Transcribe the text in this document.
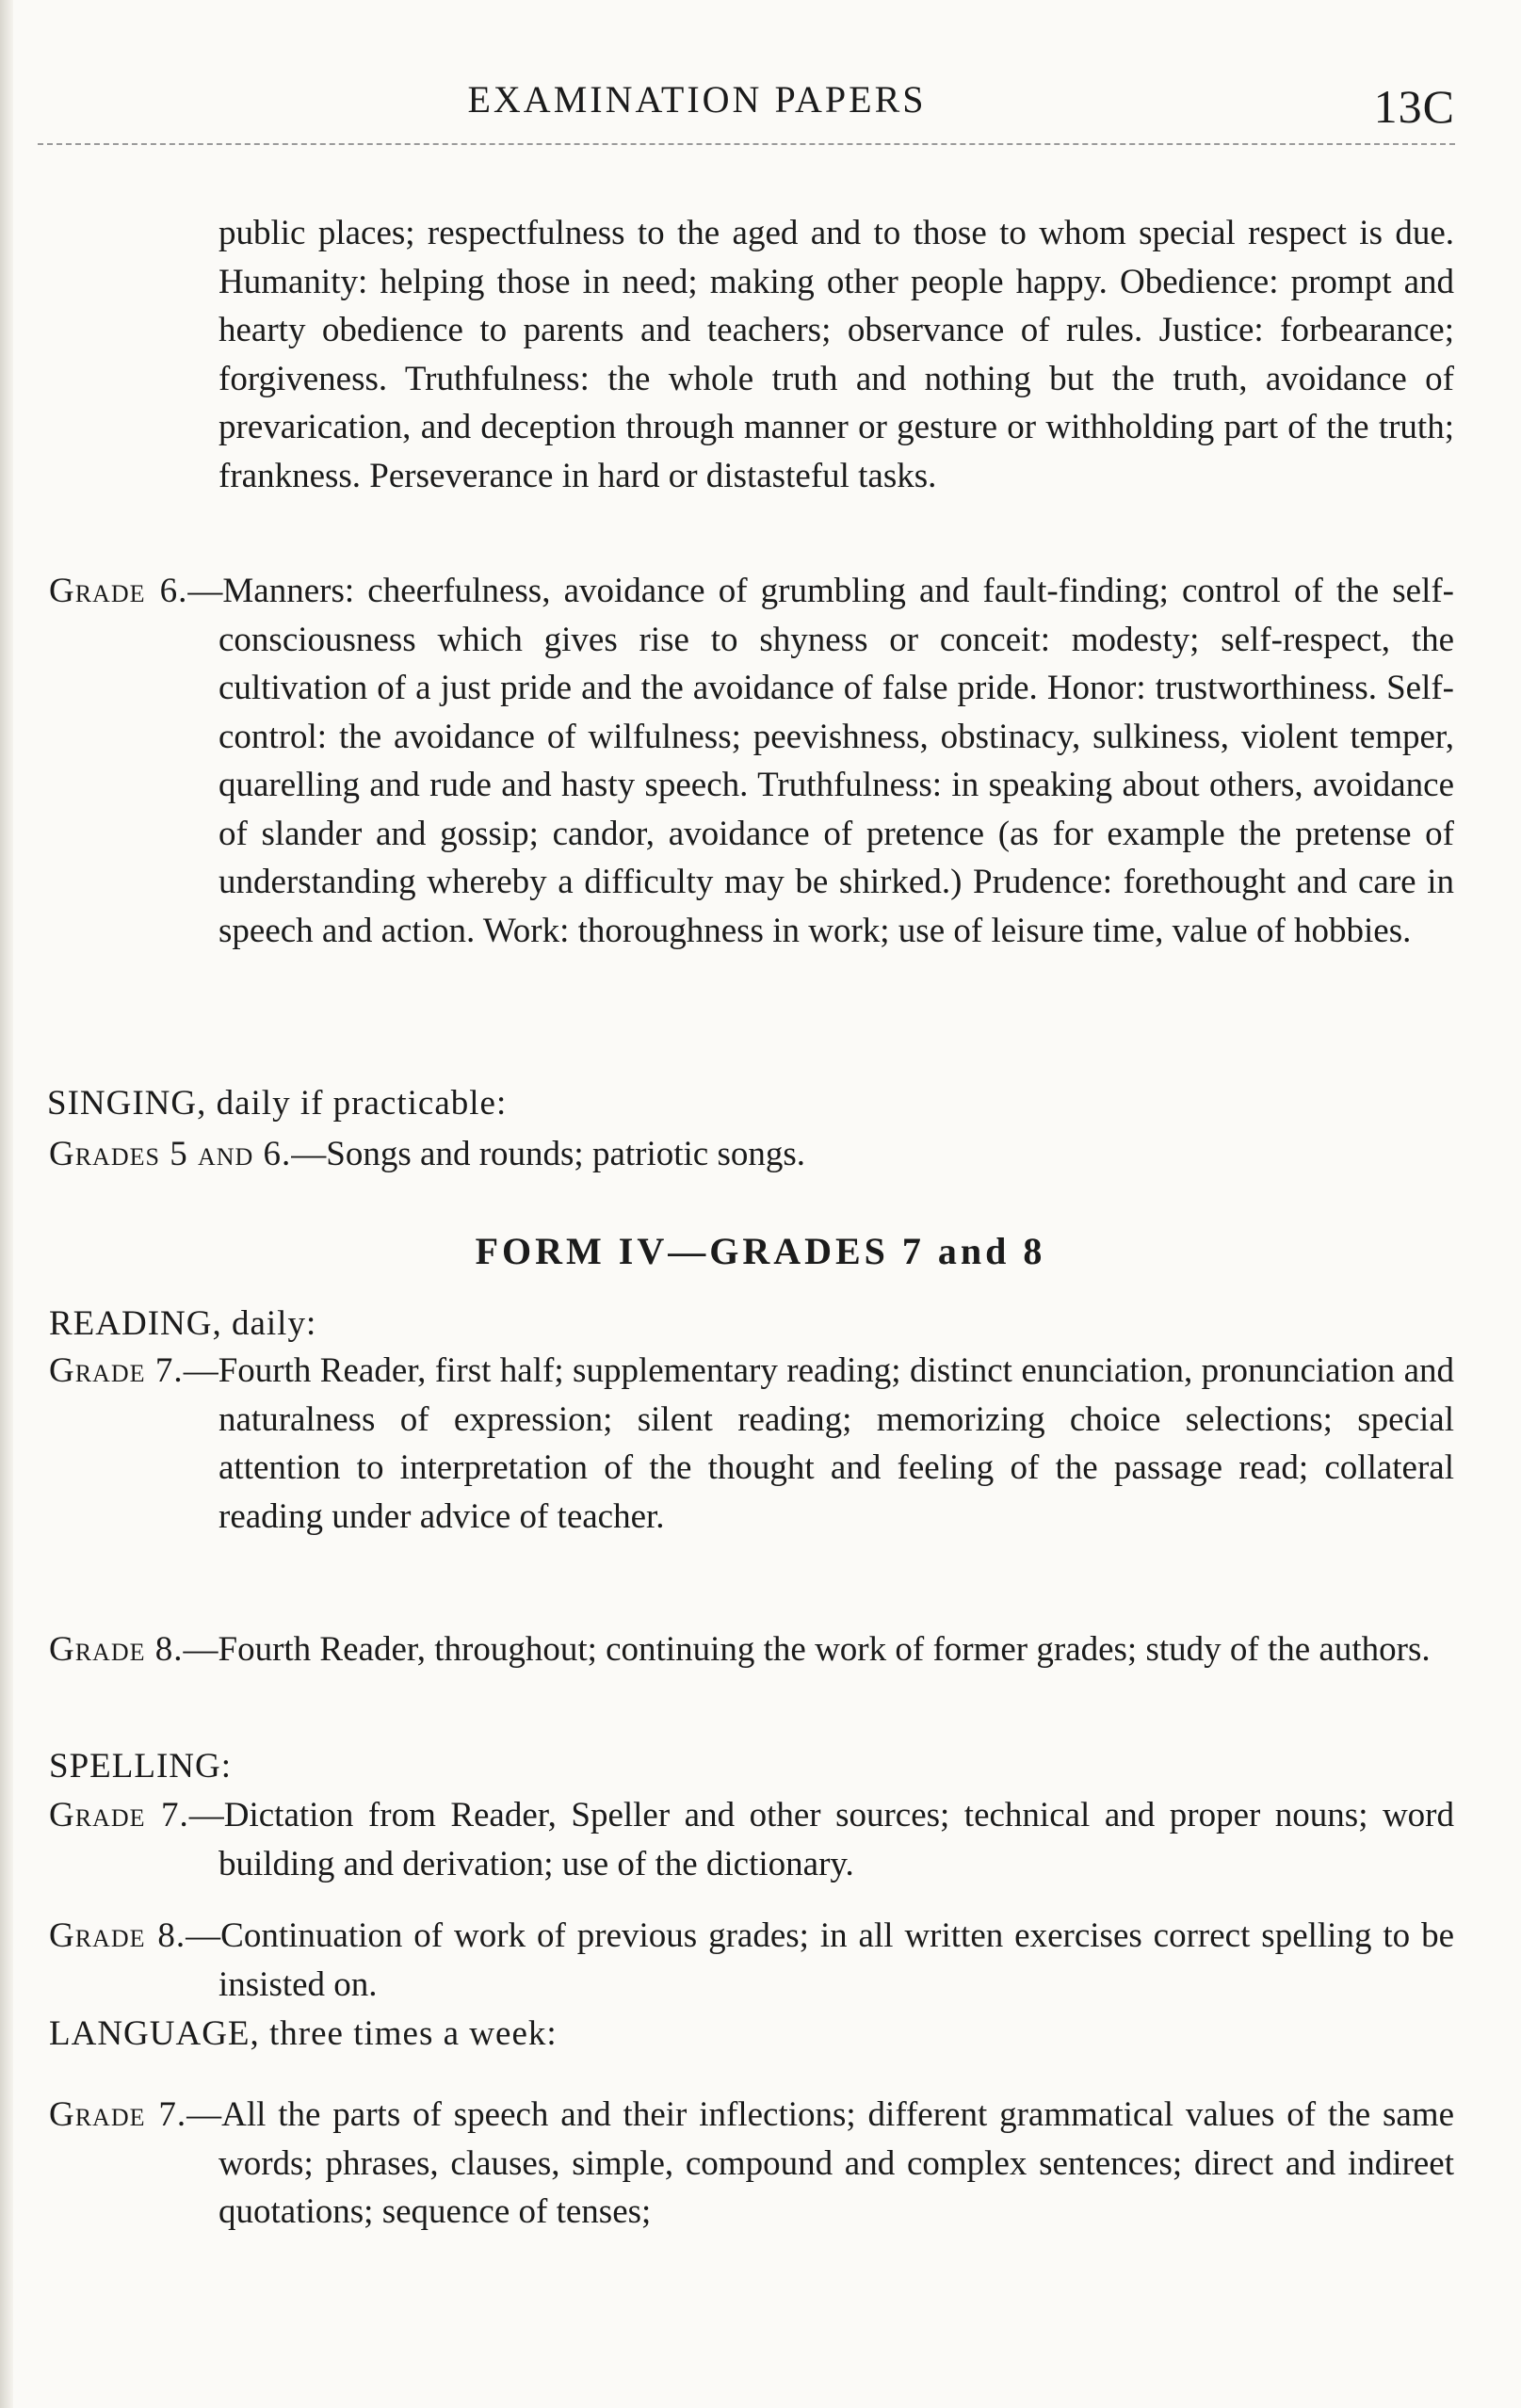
EXAMINATION PAPERS	13C

public places; respectfulness to the aged and to those to whom special respect is due. Humanity: helping those in need; making other people happy. Obedience: prompt and hearty obedience to parents and teachers; observance of rules. Justice: forbearance; forgiveness. Truthfulness: the whole truth and nothing but the truth, avoidance of prevarication, and deception through manner or gesture or withholding part of the truth; frankness. Perseverance in hard or distasteful tasks.

Grade 6.—Manners: cheerfulness, avoidance of grumbling and fault-finding; control of the self-consciousness which gives rise to shyness or conceit: modesty; self-respect, the cultivation of a just pride and the avoidance of false pride. Honor: trustworthiness. Self-control: the avoidance of wilfulness; peevishness, obstinacy, sulkiness, violent temper, quarelling and rude and hasty speech. Truthfulness: in speaking about others, avoidance of slander and gossip; candor, avoidance of pretence (as for example the pretense of understanding whereby a difficulty may be shirked.) Prudence: forethought and care in speech and action. Work: thoroughness in work; use of leisure time, value of hobbies.

SINGING, daily if practicable:

Grades 5 and 6.—Songs and rounds; patriotic songs.

FORM IV—GRADES 7 and 8
READING, daily:

Grade 7.—Fourth Reader, first half; supplementary reading; distinct enunciation, pronunciation and naturalness of expression; silent reading; memorizing choice selections; special attention to interpretation of the thought and feeling of the passage read; collateral reading under advice of teacher.

Grade 8.—Fourth Reader, throughout; continuing the work of former grades; study of the authors.

SPELLING:

Grade 7.—Dictation from Reader, Speller and other sources; technical and proper nouns; word building and derivation; use of the dictionary.

Grade 8.—Continuation of work of previous grades; in all written exercises correct spelling to be insisted on.

LANGUAGE, three times a week:

Grade 7.—All the parts of speech and their inflections; different grammatical values of the same words; phrases, clauses, simple, compound and complex sentences; direct and indireet quotations; sequence of tenses;
